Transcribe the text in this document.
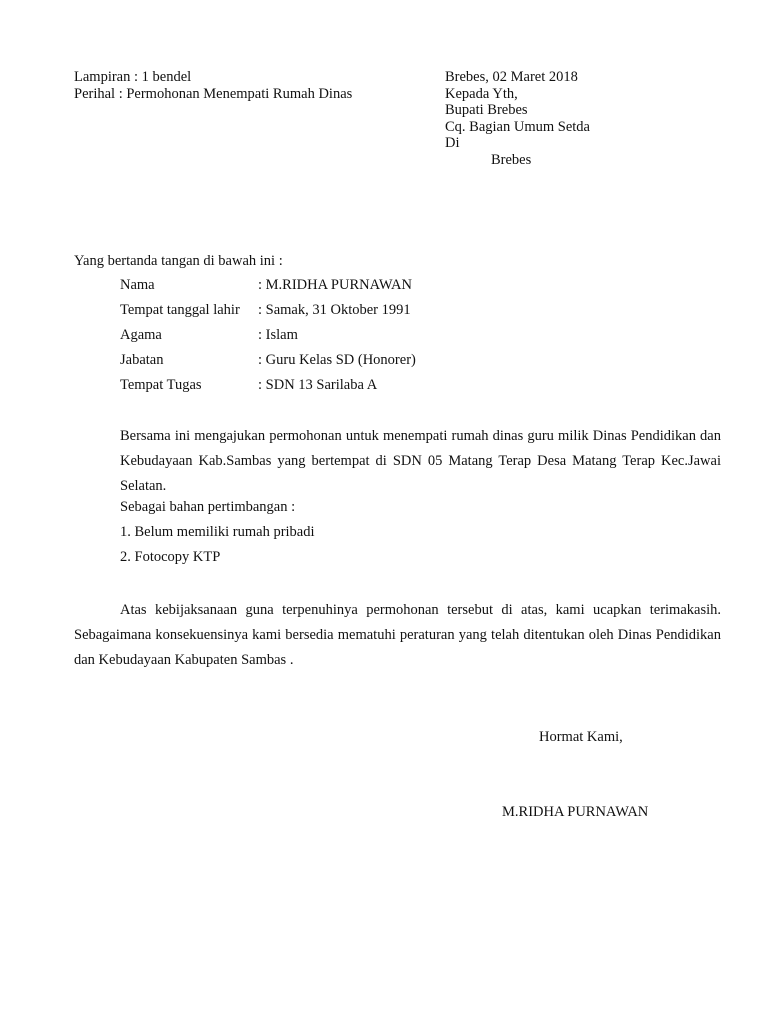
Lampiran : 1 bendel
Perihal : Permohonan Menempati Rumah Dinas
Brebes, 02 Maret 2018
Kepada Yth,
Bupati Brebes
Cq. Bagian Umum Setda
Di
Brebes
Yang bertanda tangan di bawah ini :
Nama	: M.RIDHA PURNAWAN
Tempat tanggal lahir	: Samak, 31 Oktober 1991
Agama	: Islam
Jabatan	: Guru Kelas SD (Honorer)
Tempat Tugas	: SDN 13 Sarilaba A
Bersama ini mengajukan permohonan untuk menempati rumah dinas guru milik Dinas Pendidikan dan Kebudayaan Kab.Sambas yang bertempat di SDN 05 Matang Terap Desa Matang Terap Kec.Jawai Selatan.
Sebagai bahan pertimbangan :
1. Belum memiliki rumah pribadi
2. Fotocopy KTP
Atas kebijaksanaan guna terpenuhinya permohonan tersebut di atas, kami ucapkan terimakasih. Sebagaimana konsekuensinya kami bersedia mematuhi peraturan yang telah ditentukan oleh Dinas Pendidikan dan Kebudayaan Kabupaten Sambas .
Hormat Kami,
M.RIDHA PURNAWAN
